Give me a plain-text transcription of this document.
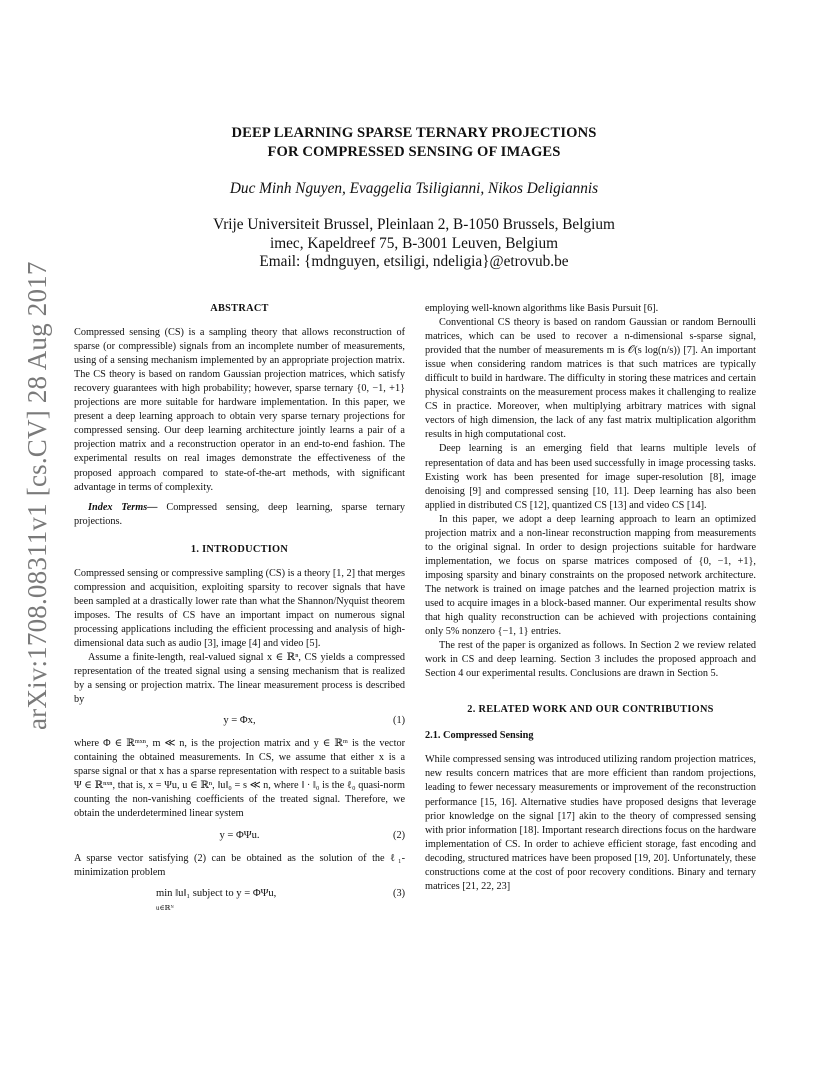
arXiv:1708.08311v1 [cs.CV] 28 Aug 2017
DEEP LEARNING SPARSE TERNARY PROJECTIONS
FOR COMPRESSED SENSING OF IMAGES
Duc Minh Nguyen, Evaggelia Tsiligianni, Nikos Deligiannis
Vrije Universiteit Brussel, Pleinlaan 2, B-1050 Brussels, Belgium
imec, Kapeldreef 75, B-3001 Leuven, Belgium
Email: {mdnguyen, etsiligi, ndeligia}@etrovub.be
ABSTRACT

Compressed sensing (CS) is a sampling theory that allows reconstruction of sparse (or compressible) signals from an incomplete number of measurements, using of a sensing mechanism implemented by an appropriate projection matrix. The CS theory is based on random Gaussian projection matrices, which satisfy recovery guarantees with high probability; however, sparse ternary {0, −1, +1} projections are more suitable for hardware implementation. In this paper, we present a deep learning approach to obtain very sparse ternary projections for compressed sensing. Our deep learning architecture jointly learns a pair of a projection matrix and a reconstruction operator in an end-to-end fashion. The experimental results on real images demonstrate the effectiveness of the proposed approach compared to state-of-the-art methods, with significant advantage in terms of complexity.

Index Terms— Compressed sensing, deep learning, sparse ternary projections.

1. INTRODUCTION

Compressed sensing or compressive sampling (CS) is a theory [1, 2] that merges compression and acquisition, exploiting sparsity to recover signals that have been sampled at a drastically lower rate than what the Shannon/Nyquist theorem imposes. The results of CS have an important impact on numerous signal processing applications including the efficient processing and analysis of high-dimensional data such as audio [3], image [4] and video [5].

Assume a finite-length, real-valued signal x ∈ ℝⁿ, CS yields a compressed representation of the treated signal using a sensing mechanism that is realized by a sensing or projection matrix. The linear measurement process is described by

y = Φx,	(1)

where Φ ∈ ℝᵐˣⁿ, m ≪ n, is the projection matrix and y ∈ ℝᵐ is the vector containing the obtained measurements. In CS, we assume that either x is a sparse signal or that x has a sparse representation with respect to a suitable basis Ψ ∈ ℝⁿˣⁿ, that is, x = Ψu, u ∈ ℝⁿ, ‖u‖₀ = s ≪ n, where ‖ · ‖₀ is the ℓ₀ quasi-norm counting the non-vanishing coefficients of the treated signal. Therefore, we obtain the underdetermined linear system

y = ΦΨu.	(2)

A sparse vector satisfying (2) can be obtained as the solution of the ℓ₁-minimization problem

min ‖u‖₁ subject to y = ΦΨu,
u∈ℝᴺ
(3)

employing well-known algorithms like Basis Pursuit [6].

Conventional CS theory is based on random Gaussian or random Bernoulli matrices, which can be used to recover a n-dimensional s-sparse signal, provided that the number of measurements m is 𝒪(s log(n/s)) [7]. An important issue when considering random matrices is that such matrices are typically difficult to build in hardware. The difficulty in storing these matrices and certain physical constraints on the measurement process makes it challenging to realize CS in practice. Moreover, when multiplying arbitrary matrices with signal vectors of high dimension, the lack of any fast matrix multiplication algorithm results in high computational cost.

Deep learning is an emerging field that learns multiple levels of representation of data and has been used successfully in image processing tasks. Existing work has been presented for image super-resolution [8], image denoising [9] and compressed sensing [10, 11]. Deep learning has also been applied in distributed CS [12], quantized CS [13] and video CS [14].

In this paper, we adopt a deep learning approach to learn an optimized projection matrix and a non-linear reconstruction mapping from measurements to the original signal. In order to design projections suitable for hardware implementation, we focus on sparse matrices composed of {0, −1, +1}, imposing sparsity and binary constraints on the proposed network architecture. The network is trained on image patches and the learned projection matrix is used to acquire images in a block-based manner. Our experimental results show that high quality reconstruction can be achieved with projections containing only 5% nonzero {−1, 1} entries.

The rest of the paper is organized as follows. In Section 2 we review related work in CS and deep learning. Section 3 includes the proposed approach and Section 4 our experimental results. Conclusions are drawn in Section 5.

2. RELATED WORK AND OUR CONTRIBUTIONS
2.1. Compressed Sensing

While compressed sensing was introduced utilizing random projection matrices, new results concern matrices that are more efficient than random projections, leading to fewer necessary measurements or improvement of the reconstruction performance [15, 16]. Alternative studies have proposed designs that leverage prior knowledge on the signal [17] akin to the theory of compressed sensing with prior information [18]. Important research directions focus on the hardware implementation of CS. In order to achieve efficient storage, fast encoding and decoding, structured matrices have been proposed [19, 20]. Unfortunately, these constructions come at the cost of poor recovery conditions. Binary and ternary matrices [21, 22, 23]
